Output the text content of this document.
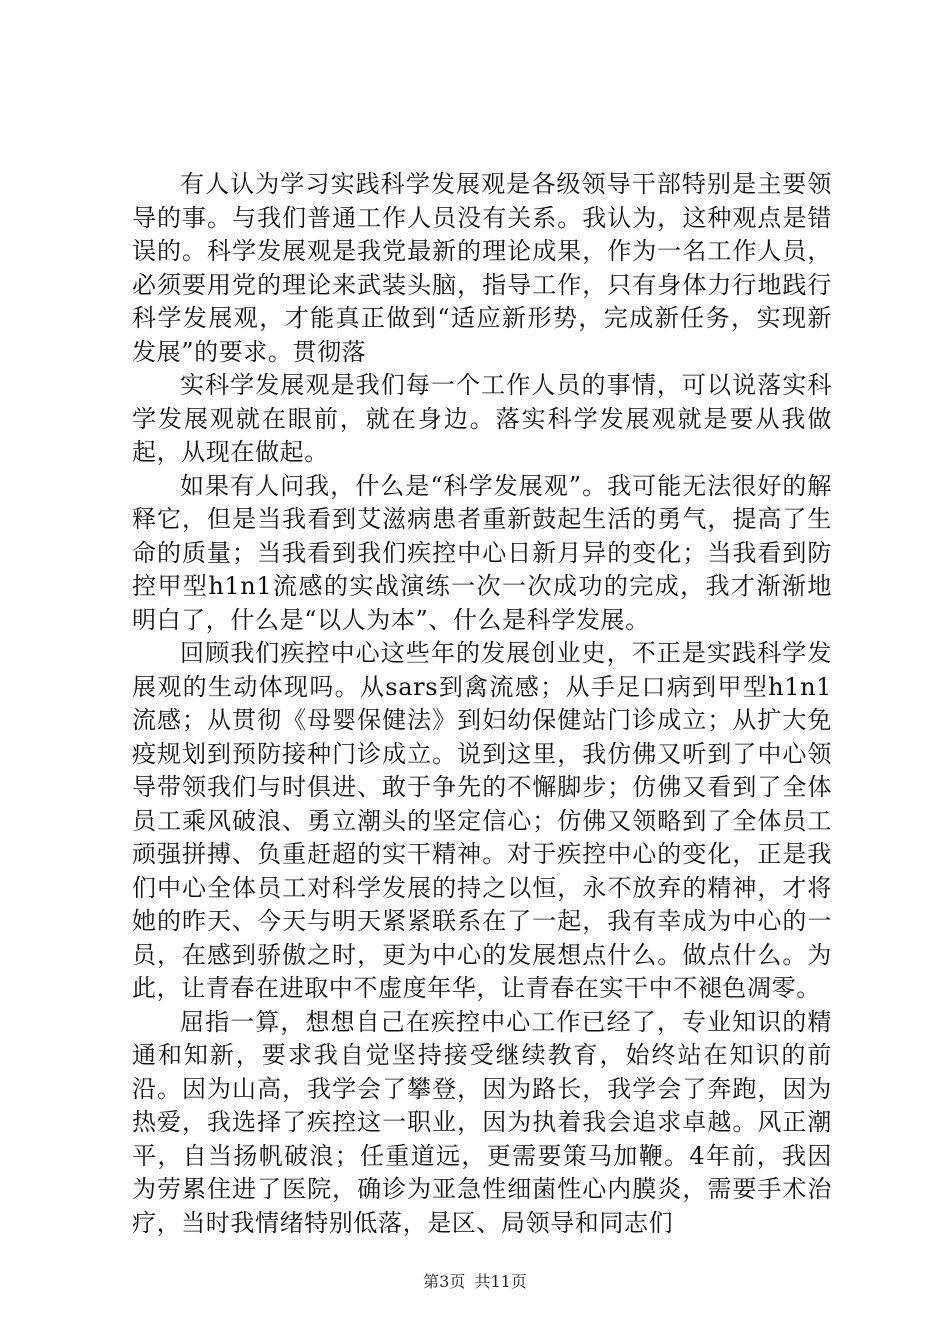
有人认为学习实践科学发展观是各级领导干部特别是主要领导的事。与我们普通工作人员没有关系。我认为，这种观点是错误的。科学发展观是我党最新的理论成果，作为一名工作人员，必须要用党的理论来武装头脑，指导工作，只有身体力行地践行科学发展观，才能真正做到“适应新形势，完成新任务，实现新发展”的要求。贯彻落

实科学发展观是我们每一个工作人员的事情，可以说落实科学发展观就在眼前，就在身边。落实科学发展观就是要从我做起，从现在做起。

如果有人问我，什么是“科学发展观”。我可能无法很好的解释它，但是当我看到艾滋病患者重新鼓起生活的勇气，提高了生命的质量；当我看到我们疾控中心日新月异的变化；当我看到防控甲型h1n1流感的实战演练一次一次成功的完成，我才渐渐地明白了，什么是“以人为本”、什么是科学发展。

回顾我们疾控中心这些年的发展创业史，不正是实践科学发展观的生动体现吗。从sars到禽流感；从手足口病到甲型h1n1流感；从贯彻《母婴保健法》到妇幼保健站门诊成立；从扩大免疫规划到预防接种门诊成立。说到这里，我仿佛又听到了中心领导带领我们与时俱进、敢于争先的不懈脚步；仿佛又看到了全体员工乘风破浪、勇立潮头的坚定信心；仿佛又领略到了全体员工顽强拼搏、负重赶超的实干精神。对于疾控中心的变化，正是我们中心全体员工对科学发展的持之以恒，永不放弃的精神，才将她的昨天、今天与明天紧紧联系在了一起，我有幸成为中心的一员，在感到骄傲之时，更为中心的发展想点什么。做点什么。为此，让青春在进取中不虚度年华，让青春在实干中不褪色凋零。

屈指一算，想想自己在疾控中心工作已经了，专业知识的精通和知新，要求我自觉坚持接受继续教育，始终站在知识的前沿。因为山高，我学会了攀登，因为路长，我学会了奔跑，因为热爱，我选择了疾控这一职业，因为执着我会追求卓越。风正潮平，自当扬帆破浪；任重道远，更需要策马加鞭。4年前，我因为劳累住进了医院，确诊为亚急性细菌性心内膜炎，需要手术治疗，当时我情绪特别低落，是区、局领导和同志们

第3页 共11页
